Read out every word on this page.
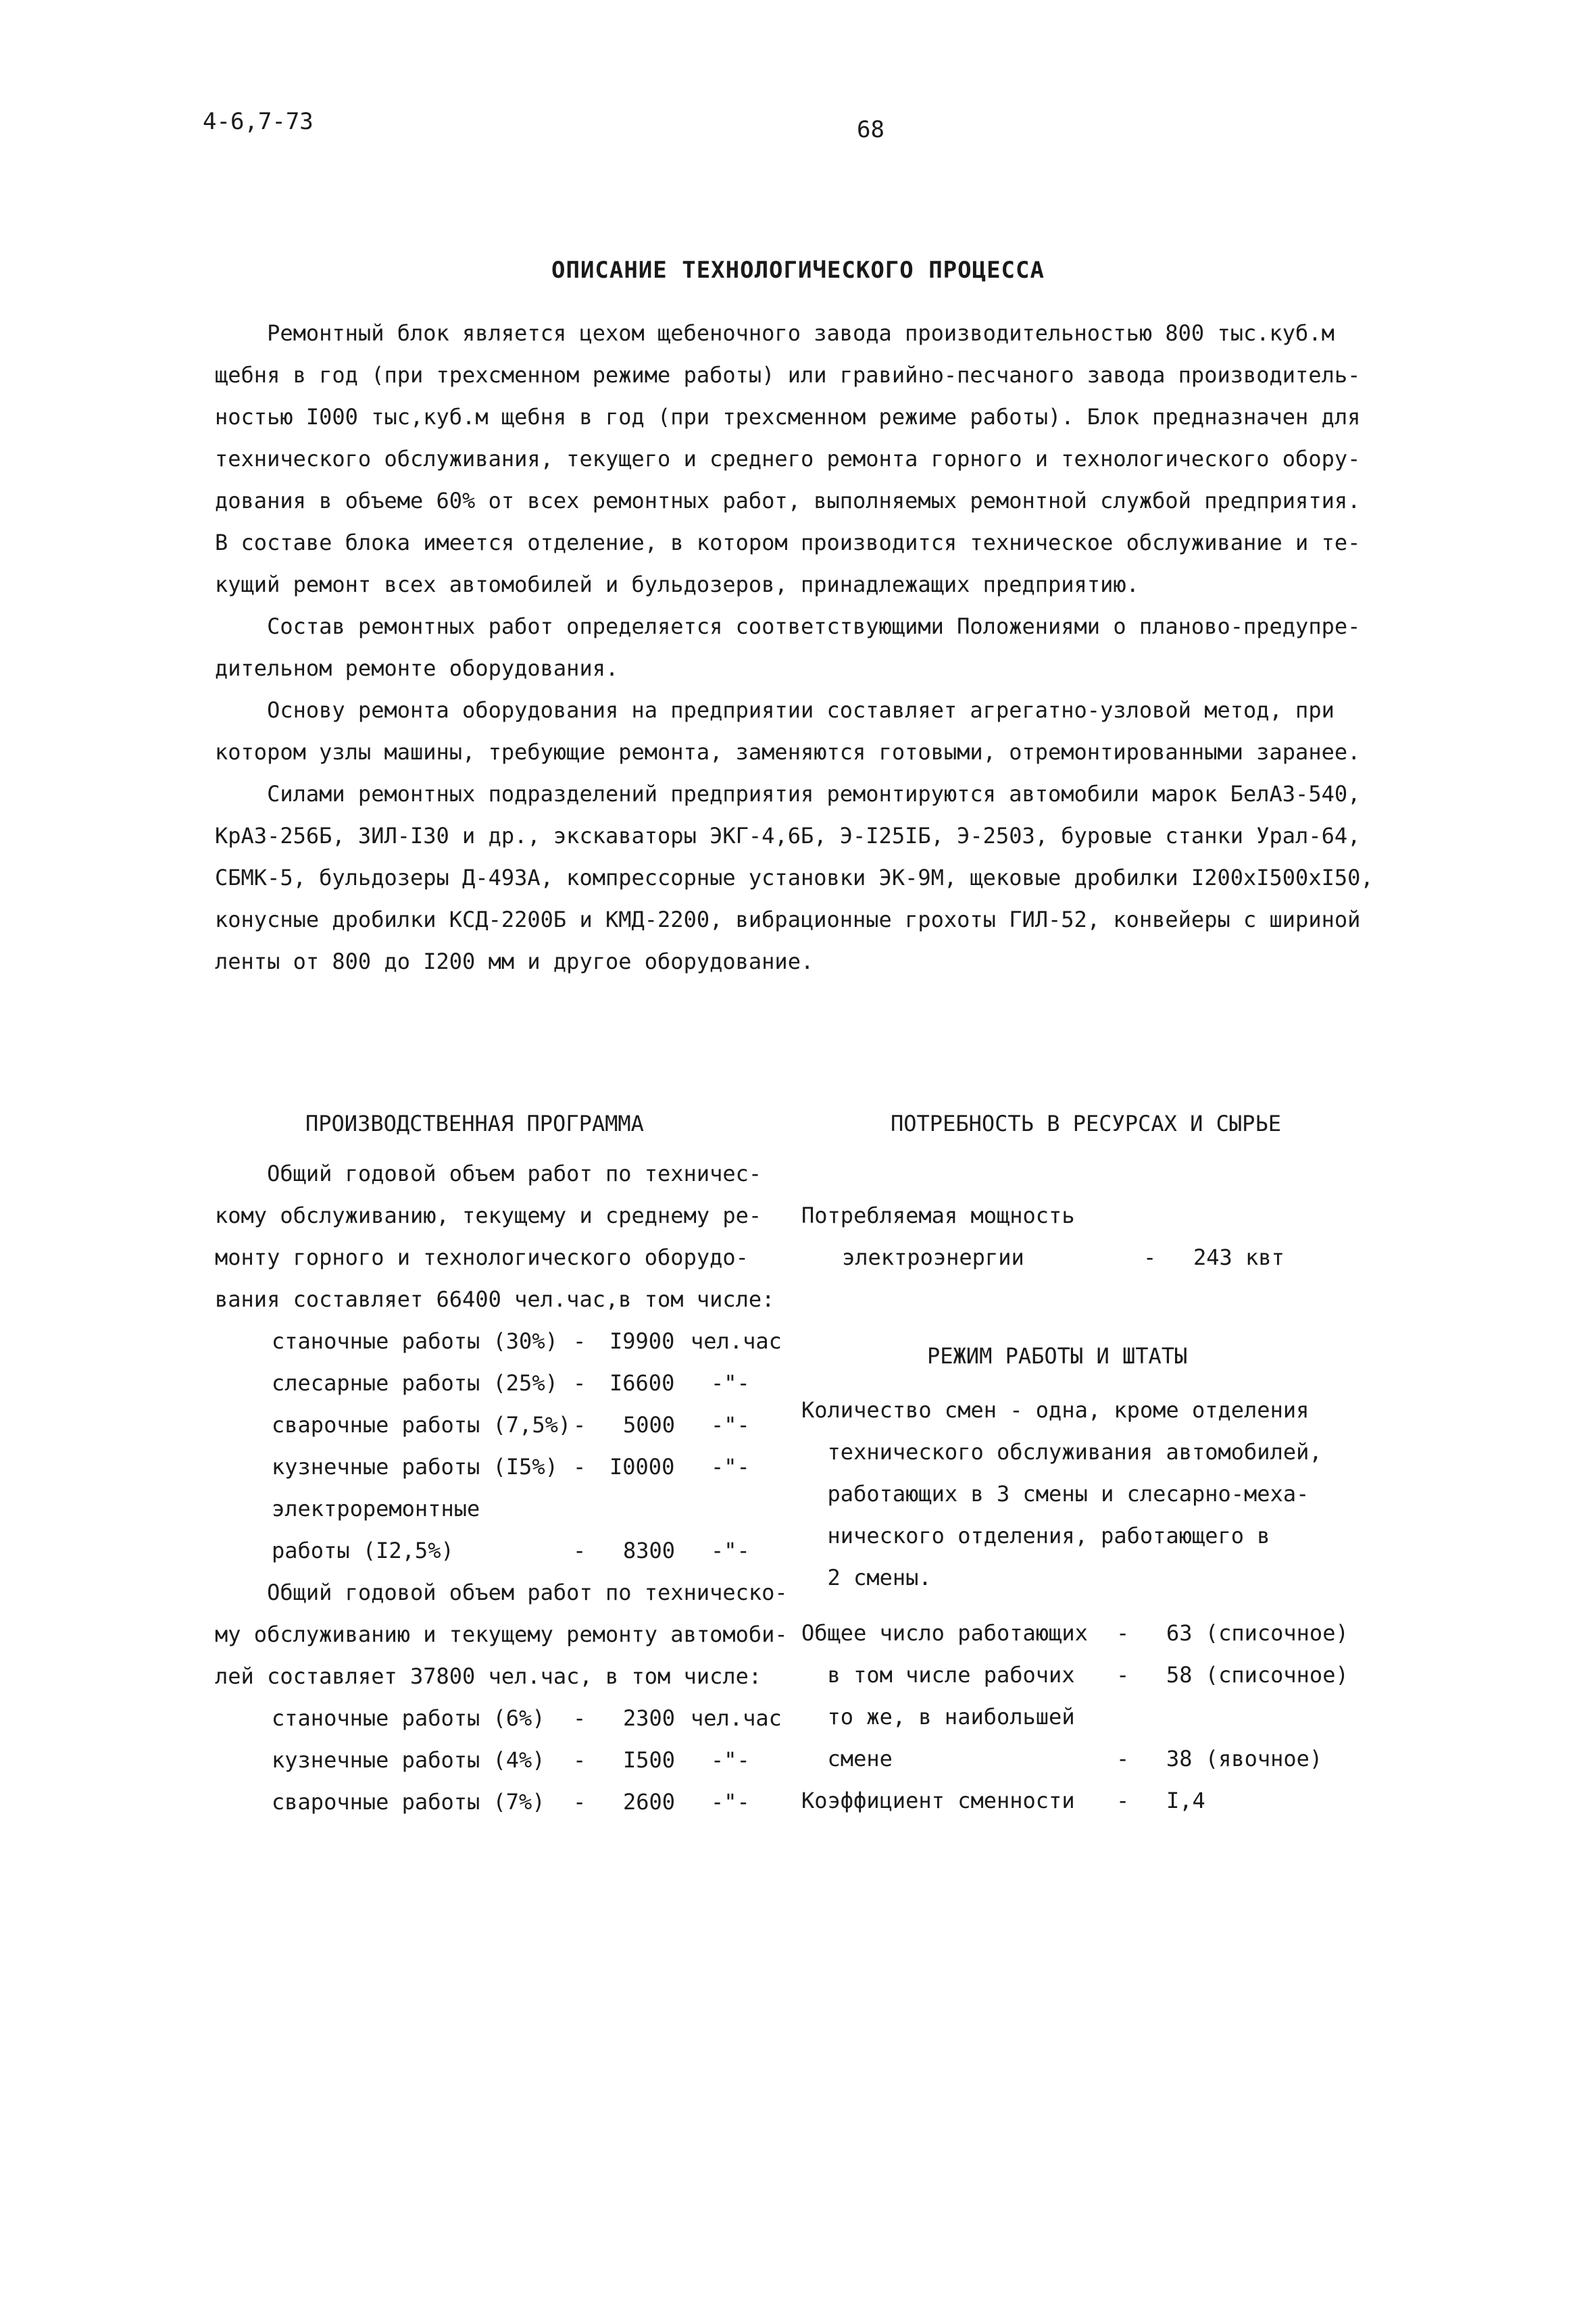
4-6,7-73	68
ОПИСАНИЕ ТЕХНОЛОГИЧЕСКОГО ПРОЦЕССА

Ремонтный блок является цехом щебеночного завода производительностью 800 тыс.куб.м

щебня в год (при трехсменном режиме работы) или гравийно-песчаного завода производитель-

ностью I000 тыс,куб.м щебня в год (при трехсменном режиме работы). Блок предназначен для

технического обслуживания, текущего и среднего ремонта горного и технологического обору-

дования в объеме 60% от всех ремонтных работ, выполняемых ремонтной службой предприятия.

В составе блока имеется отделение, в котором производится техническое обслуживание и те-

кущий ремонт всех автомобилей и бульдозеров, принадлежащих предприятию.

Состав ремонтных работ определяется соответствующими Положениями о планово-предупре-

дительном ремонте оборудования.

Основу ремонта оборудования на предприятии составляет агрегатно-узловой метод, при

котором узлы машины, требующие ремонта, заменяются готовыми, отремонтированными заранее.

Силами ремонтных подразделений предприятия ремонтируются автомобили марок БелАЗ-540,

КрАЗ-256Б, ЗИЛ-I30 и др., экскаваторы ЭКГ-4,6Б, Э-I25IБ, Э-2503, буровые станки Урал-64,

СБМК-5, бульдозеры Д-493А, компрессорные установки ЭК-9М, щековые дробилки I200xI500xI50,

конусные дробилки КСД-2200Б и КМД-2200, вибрационные грохоты ГИЛ-52, конвейеры с шириной

ленты от 800 до I200 мм и другое оборудование.

ПРОИЗВОДСТВЕННАЯ ПРОГРАММА
Общий годовой объем работ по техничес-
кому обслуживанию, текущему и среднему ре-
монту горного и технологического оборудо-
вания составляет 66400 чел.час,в том числе:
станочные работы (30%) - I9900 чел.час
слесарные работы (25%) - I6600 -"-
сварочные работы (7,5%) - 5000 -"-
кузнечные работы (I5%) - I0000 -"-
электроремонтные
работы (I2,5%)	- 8300 -"-
Общий годовой объем работ по техническо-
му обслуживанию и текущему ремонту автомоби-
лей составляет 37800 чел.час, в том числе:
станочные работы (6%) - 2300 чел.час
кузнечные работы (4%) - I500 -"-
сварочные работы (7%) - 2600 -"-
ПОТРЕБНОСТЬ В РЕСУРСАХ И СЫРЬЕ
Потребляемая мощность
электроэнергии	- 243 квт
РЕЖИМ РАБОТЫ И ШТАТЫ
Количество смен - одна, кроме отделения
технического обслуживания автомобилей,
работающих в 3 смены и слесарно-меха-
нического отделения, работающего в
2 смены.
Общее число работающих - 63 (списочное)
в том числе рабочих - 58 (списочное)
то же, в наибольшей
смене	- 38 (явочное)
Коэффициент сменности - I,4
